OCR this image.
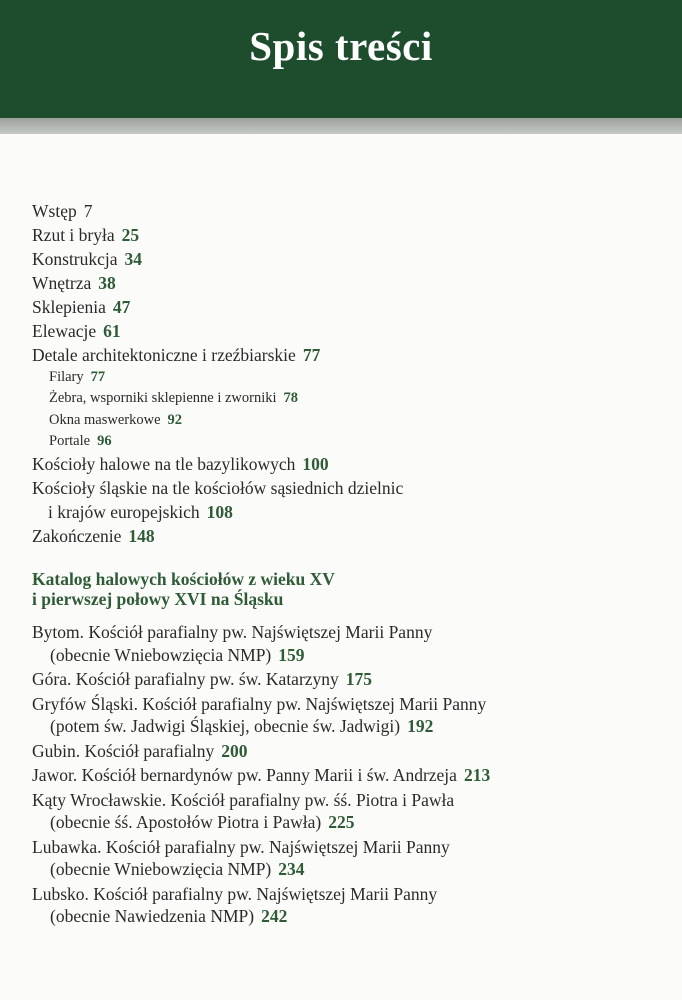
Spis treści
Wstęp 7
Rzut i bryła 25
Konstrukcja 34
Wnętrza 38
Sklepienia 47
Elewacje 61
Detale architektoniczne i rzeźbiarskie 77
Filary 77
Żebra, wsporniki sklepienne i zworniki 78
Okna maswerkowe 92
Portale 96
Kościoły halowe na tle bazylikowych 100
Kościoły śląskie na tle kościołów sąsiednich dzielnic
i krajów europejskich 108
Zakończenie 148
Katalog halowych kościołów z wieku XV
i pierwszej połowy XVI na Śląsku
Bytom. Kościół parafialny pw. Najświętszej Marii Panny
(obecnie Wniebowzięcia NMP) 159
Góra. Kościół parafialny pw. św. Katarzyny 175
Gryfów Śląski. Kościół parafialny pw. Najświętszej Marii Panny
(potem św. Jadwigi Śląskiej, obecnie św. Jadwigi) 192
Gubin. Kościół parafialny 200
Jawor. Kościół bernardynów pw. Panny Marii i św. Andrzeja 213
Kąty Wrocławskie. Kościół parafialny pw. śś. Piotra i Pawła
(obecnie śś. Apostołów Piotra i Pawła) 225
Lubawka. Kościół parafialny pw. Najświętszej Marii Panny
(obecnie Wniebowzięcia NMP) 234
Lubsko. Kościół parafialny pw. Najświętszej Marii Panny
(obecnie Nawiedzenia NMP) 242
